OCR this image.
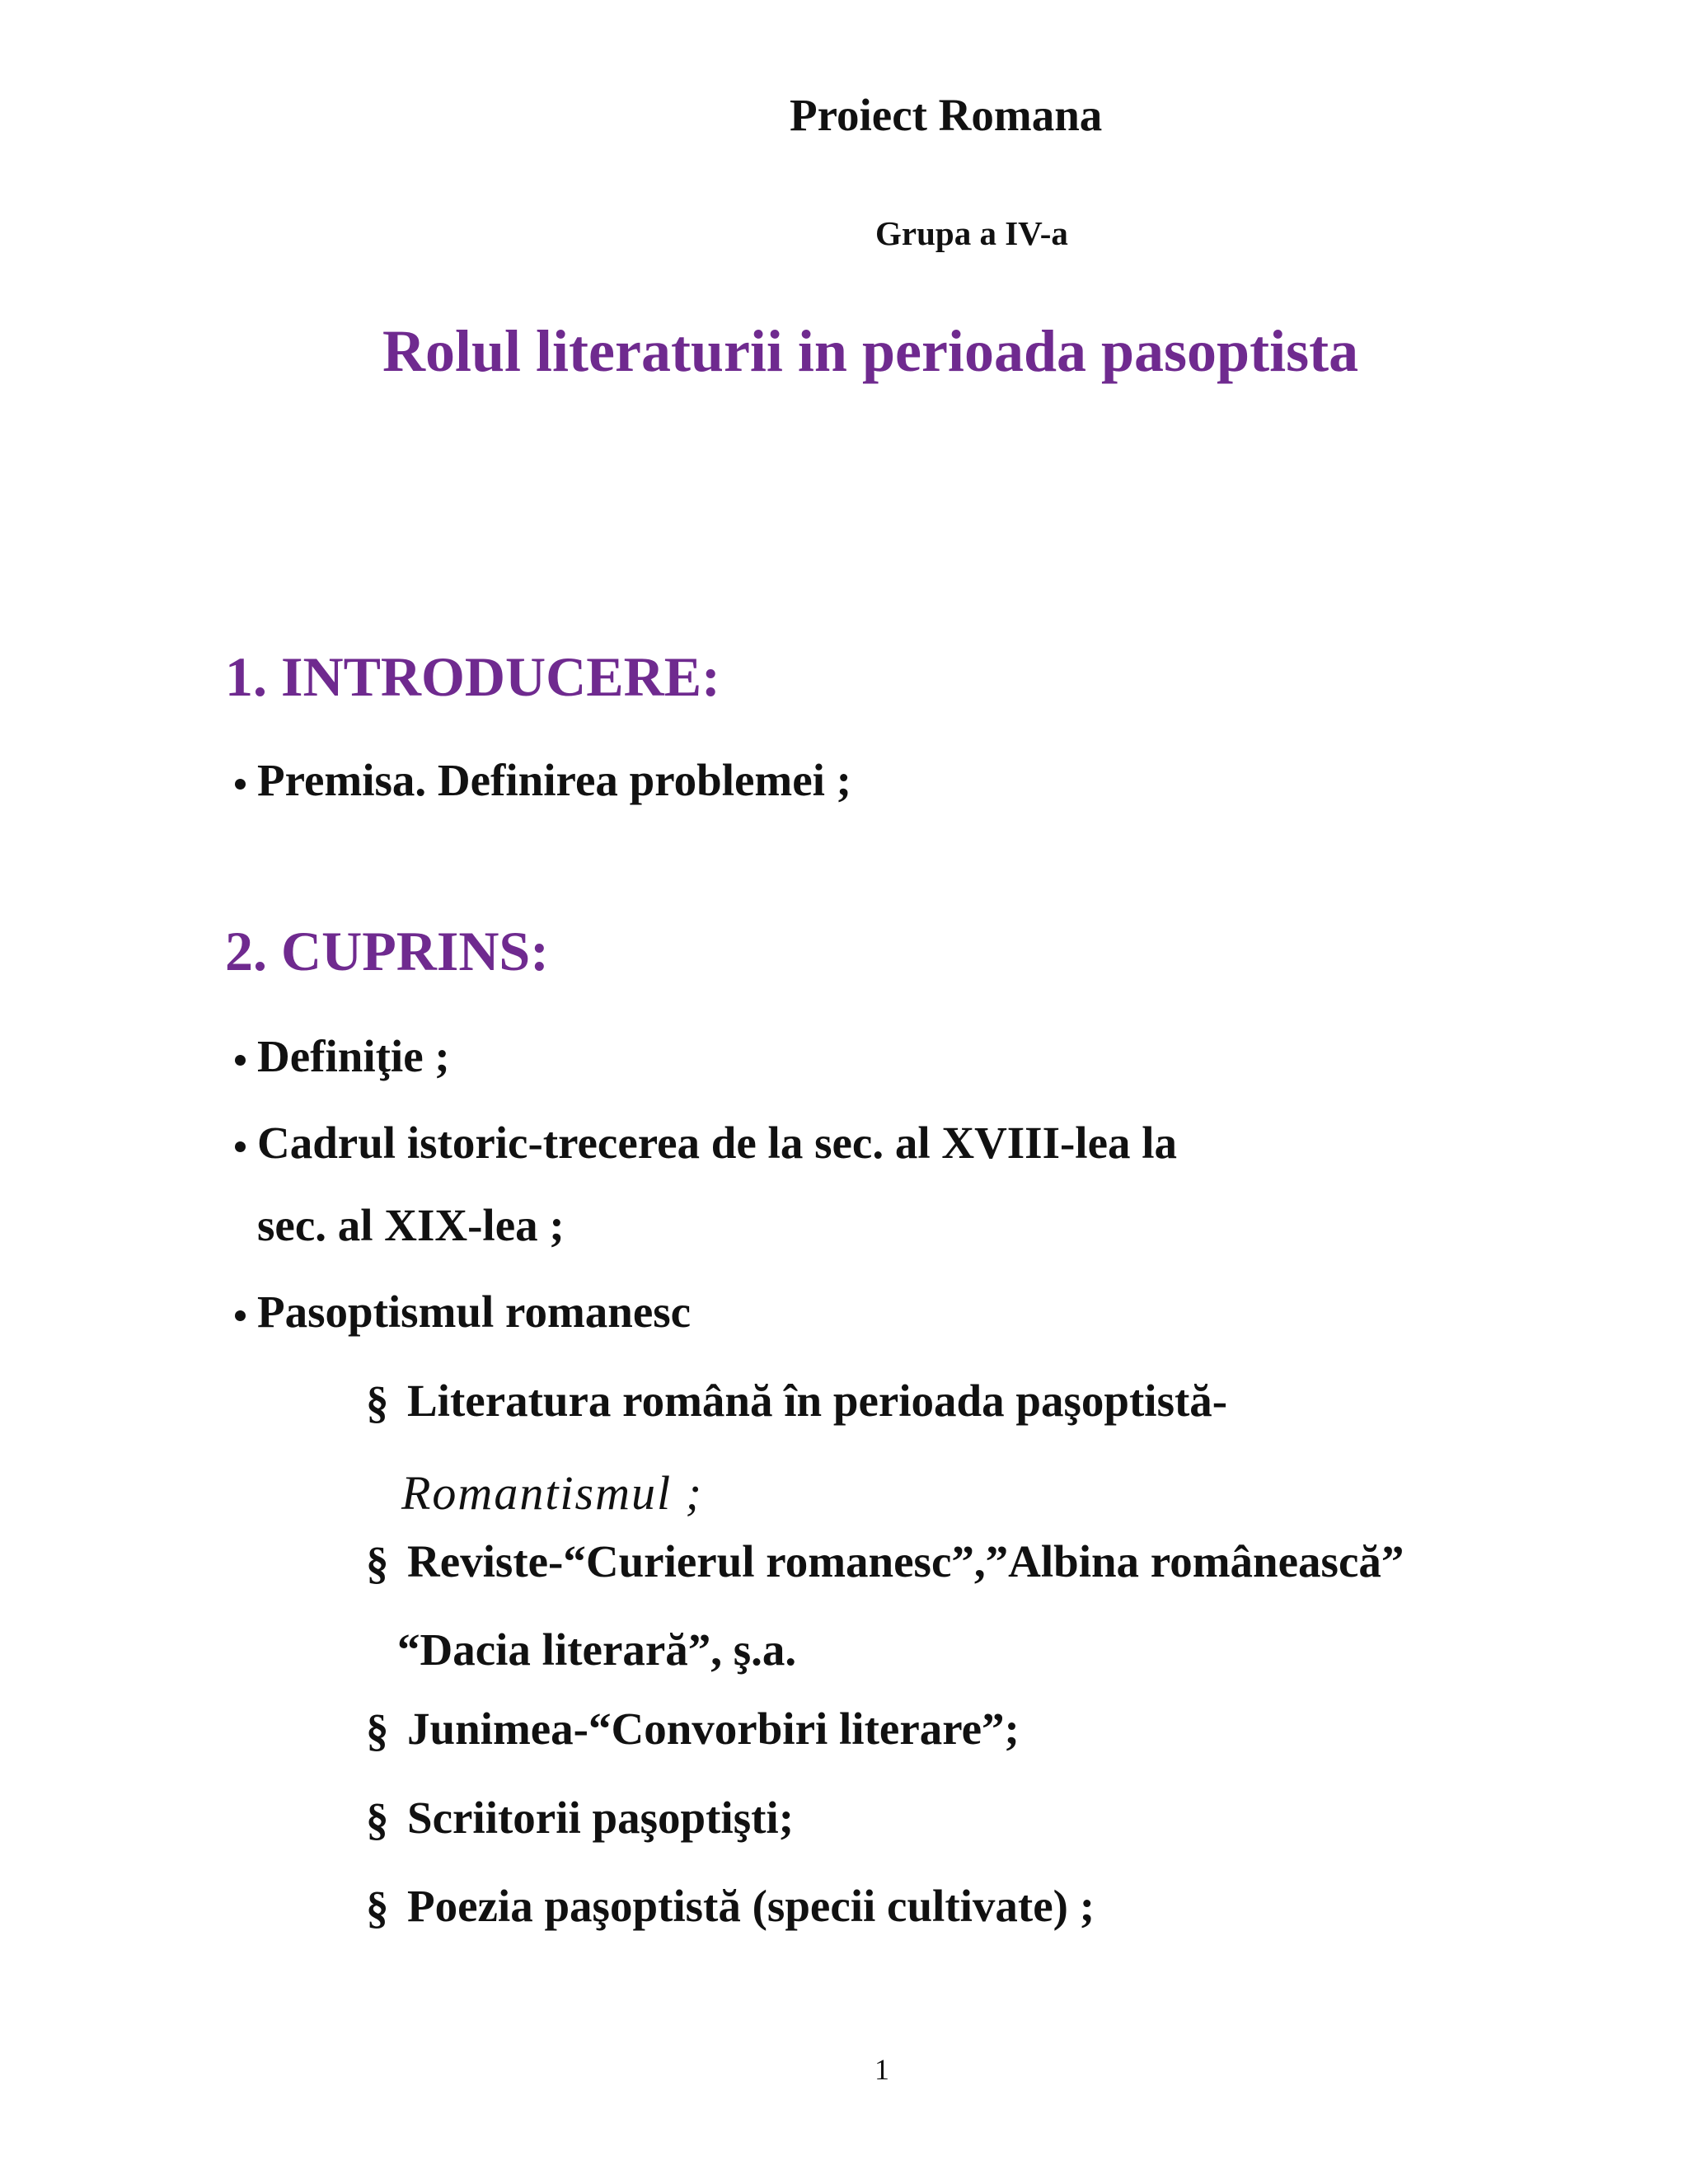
Proiect Romana
Grupa a IV-a
Rolul literaturii in perioada pasoptista
1. INTRODUCERE:
Premisa. Definirea problemei ;
2. CUPRINS:
Definiţie ;
Cadrul istoric-trecerea de la sec. al XVIII-lea la
sec. al XIX-lea ;
Pasoptismul romanesc
§ Literatura română în perioada paşoptistă-
Romantismul ;
§ Reviste-“Curierul romanesc”,”Albina românească”
“Dacia literară”, ş.a.
§ Junimea-“Convorbiri literare”;
§ Scriitorii paşoptişti;
§ Poezia paşoptistă (specii cultivate) ;
1
